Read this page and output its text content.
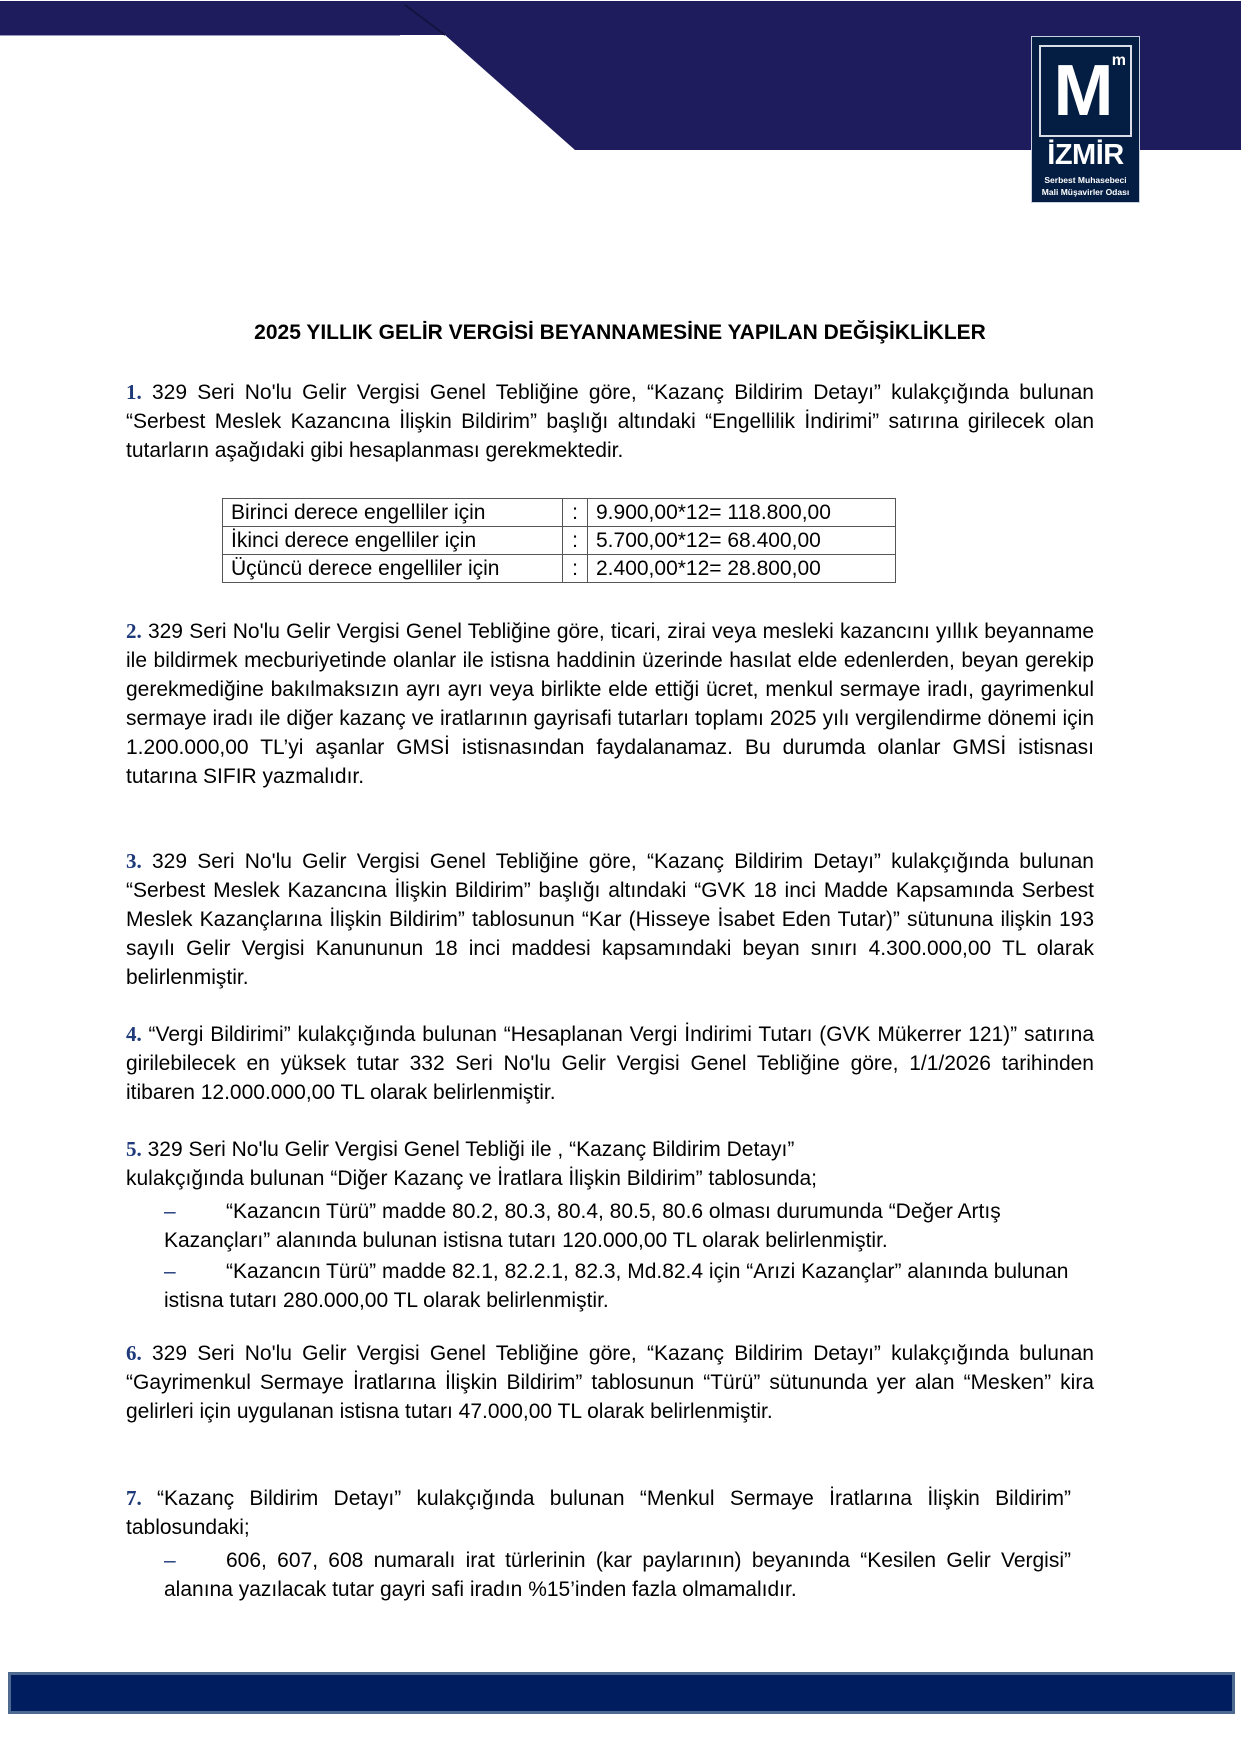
M
m
İZMİR
Serbest Muhasebeci
Mali Müşavirler Odası
2025 YILLIK GELİR VERGİSİ BEYANNAMESİNE YAPILAN DEĞİŞİKLİKLER
1. 329 Seri No'lu Gelir Vergisi Genel Tebliğine göre, “Kazanç Bildirim Detayı” kulakçığında bulunan “Serbest Meslek Kazancına İlişkin Bildirim” başlığı altındaki “Engellilik İndirimi” satırına girilecek olan tutarların aşağıdaki gibi hesaplanması gerekmektedir.
Birinci derece engelliler için	:	9.900,00*12= 118.800,00
İkinci derece engelliler için	:	5.700,00*12= 68.400,00
Üçüncü derece engelliler için	:	2.400,00*12= 28.800,00
2. 329 Seri No'lu Gelir Vergisi Genel Tebliğine göre, ticari, zirai veya mesleki kazancını yıllık beyanname ile bildirmek mecburiyetinde olanlar ile istisna haddinin üzerinde hasılat elde edenlerden, beyan gerekip gerekmediğine bakılmaksızın ayrı ayrı veya birlikte elde ettiği ücret, menkul sermaye iradı, gayrimenkul sermaye iradı ile diğer kazanç ve iratlarının gayrisafi tutarları toplamı 2025 yılı vergilendirme dönemi için 1.200.000,00 TL’yi aşanlar GMSİ istisnasından faydalanamaz. Bu durumda olanlar GMSİ istisnası tutarına SIFIR yazmalıdır.
3. 329 Seri No'lu Gelir Vergisi Genel Tebliğine göre, “Kazanç Bildirim Detayı” kulakçığında bulunan “Serbest Meslek Kazancına İlişkin Bildirim” başlığı altındaki “GVK 18 inci Madde Kapsamında Serbest Meslek Kazançlarına İlişkin Bildirim” tablosunun “Kar (Hisseye İsabet Eden Tutar)” sütununa ilişkin 193 sayılı Gelir Vergisi Kanununun 18 inci maddesi kapsamındaki beyan sınırı 4.300.000,00 TL olarak belirlenmiştir.
4. “Vergi Bildirimi” kulakçığında bulunan “Hesaplanan Vergi İndirimi Tutarı (GVK Mükerrer 121)” satırına girilebilecek en yüksek tutar 332 Seri No'lu Gelir Vergisi Genel Tebliğine göre, 1/1/2026 tarihinden itibaren 12.000.000,00 TL olarak belirlenmiştir.
5. 329 Seri No'lu Gelir Vergisi Genel Tebliği ile , “Kazanç Bildirim Detayı”
kulakçığında bulunan “Diğer Kazanç ve İratlara İlişkin Bildirim” tablosunda;
– “Kazancın Türü” madde 80.2, 80.3, 80.4, 80.5, 80.6 olması durumunda “Değer Artış Kazançları” alanında bulunan istisna tutarı 120.000,00 TL olarak belirlenmiştir.
– “Kazancın Türü” madde 82.1, 82.2.1, 82.3, Md.82.4 için “Arızi Kazançlar” alanında bulunan istisna tutarı 280.000,00 TL olarak belirlenmiştir.
6. 329 Seri No'lu Gelir Vergisi Genel Tebliğine göre, “Kazanç Bildirim Detayı” kulakçığında bulunan “Gayrimenkul Sermaye İratlarına İlişkin Bildirim” tablosunun “Türü” sütununda yer alan “Mesken” kira gelirleri için uygulanan istisna tutarı 47.000,00 TL olarak belirlenmiştir.
7. “Kazanç Bildirim Detayı” kulakçığında bulunan “Menkul Sermaye İratlarına İlişkin Bildirim” tablosundaki;
– 606, 607, 608 numaralı irat türlerinin (kar paylarının) beyanında “Kesilen Gelir Vergisi” alanına yazılacak tutar gayri safi iradın %15’inden fazla olmamalıdır.
